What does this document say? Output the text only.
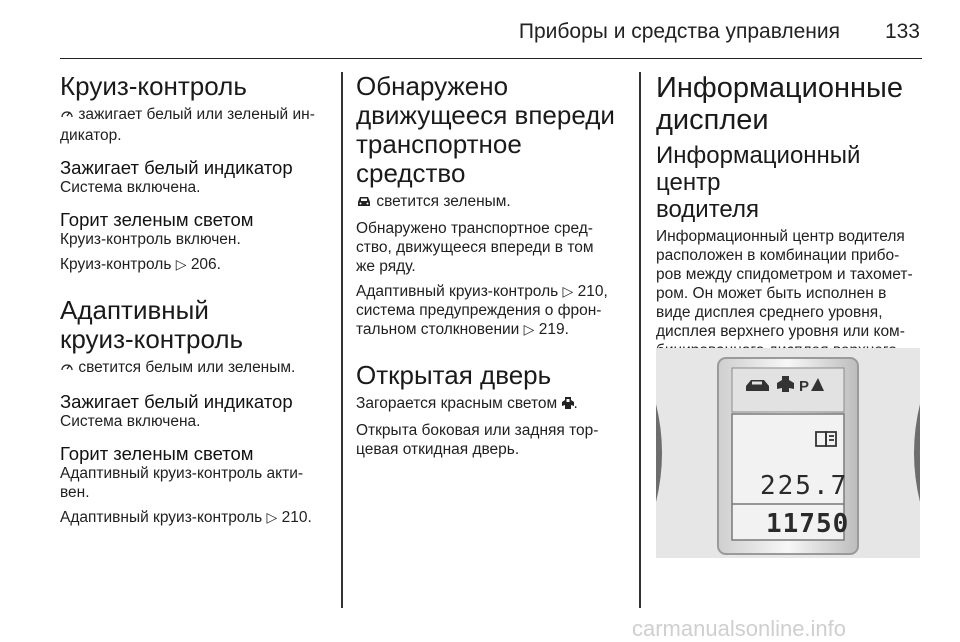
Приборы и средства управления 133
Круиз-контроль
зажигает белый или зеленый ин-
дикатор.
Зажигает белый индикатор
Система включена.
Горит зеленым светом
Круиз-контроль включен.
Круиз-контроль ▷ 206.
Адаптивный
круиз-контроль
светится белым или зеленым.
Зажигает белый индикатор
Система включена.
Горит зеленым светом
Адаптивный круиз-контроль акти-
вен.
Адаптивный круиз-контроль ▷ 210.
Обнаружено
движущееся впереди
транспортное средство
светится зеленым.
Обнаружено транспортное сред-
ство, движущееся впереди в том
же ряду.
Адаптивный круиз-контроль ▷ 210,
система предупреждения о фрон-
тальном столкновении ▷ 219.
Открытая дверь
Загорается красным светом .
Открыта боковая или задняя тор-
цевая откидная дверь.
Информационные
дисплеи
Информационный центр
водителя
Информационный центр водителя
расположен в комбинации прибо-
ров между спидометром и тахомет-
ром. Он может быть исполнен в
виде дисплея среднего уровня,
дисплея верхнего уровня или ком-
P
225.7
11750
carmanualsonline.info
